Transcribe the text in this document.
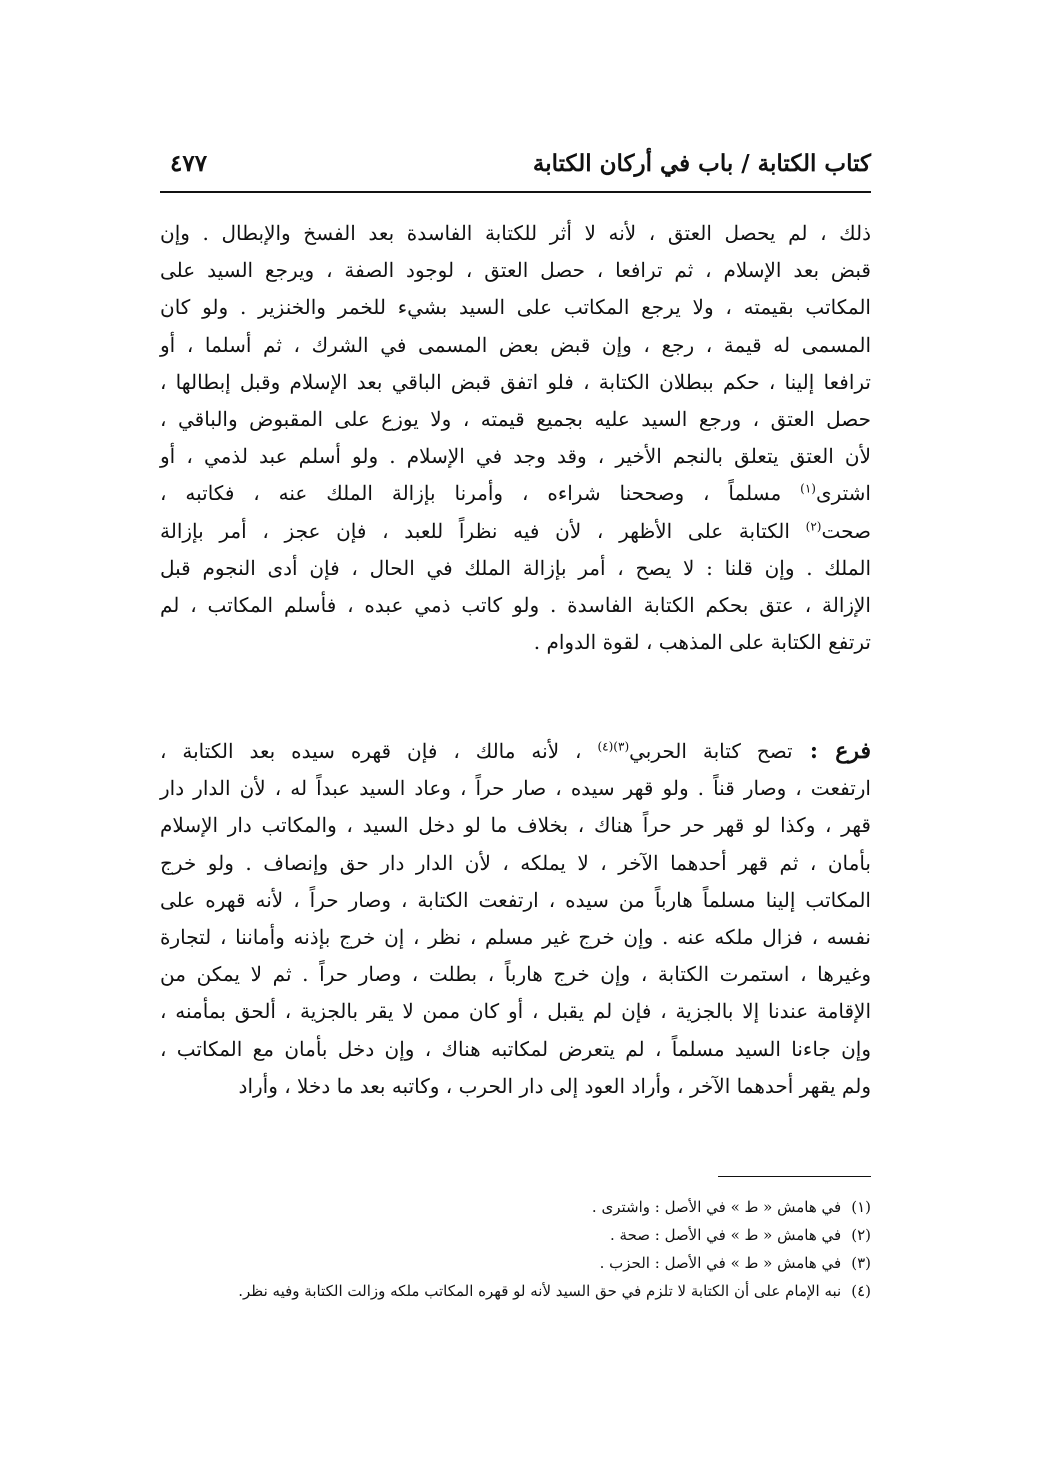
كتاب الكتابة / باب في أركان الكتابة
٤٧٧
ذلك ، لم يحصل العتق ، لأنه لا أثر للكتابة الفاسدة بعد الفسخ والإبطال . وإن
قبض بعد الإسلام ، ثم ترافعا ، حصل العتق ، لوجود الصفة ، ويرجع السيد على
المكاتب بقيمته ، ولا يرجع المكاتب على السيد بشيء للخمر والخنزير . ولو كان
المسمى له قيمة ، رجع ، وإن قبض بعض المسمى في الشرك ، ثم أسلما ، أو
ترافعا إلينا ، حكم ببطلان الكتابة ، فلو اتفق قبض الباقي بعد الإسلام وقبل إبطالها ،
حصل العتق ، ورجع السيد عليه بجميع قيمته ، ولا يوزع على المقبوض والباقي ،
لأن العتق يتعلق بالنجم الأخير ، وقد وجد في الإسلام . ولو أسلم عبد لذمي ، أو
اشترى$^{(١)}$ مسلماً ، وصححنا شراءه ، وأمرنا بإزالة الملك عنه ، فكاتبه ،
صحت$^{(٢)}$ الكتابة على الأظهر ، لأن فيه نظراً للعبد ، فإن عجز ، أمر بإزالة
الملك . وإن قلنا : لا يصح ، أمر بإزالة الملك في الحال ، فإن أدى النجوم قبل
الإزالة ، عتق بحكم الكتابة الفاسدة . ولو كاتب ذمي عبده ، فأسلم المكاتب ، لم
ترتفع الكتابة على المذهب ، لقوة الدوام .
فرع : تصح كتابة الحربي$^{(٣)(٤)}$ ، لأنه مالك ، فإن قهره سيده بعد الكتابة ،
ارتفعت ، وصار قناً . ولو قهر سيده ، صار حراً ، وعاد السيد عبداً له ، لأن الدار دار
قهر ، وكذا لو قهر حر حراً هناك ، بخلاف ما لو دخل السيد ، والمكاتب دار الإسلام
بأمان ، ثم قهر أحدهما الآخر ، لا يملكه ، لأن الدار دار حق وإنصاف . ولو خرج
المكاتب إلينا مسلماً هارباً من سيده ، ارتفعت الكتابة ، وصار حراً ، لأنه قهره على
نفسه ، فزال ملكه عنه . وإن خرج غير مسلم ، نظر ، إن خرج بإذنه وأماننا ، لتجارة
وغيرها ، استمرت الكتابة ، وإن خرج هارباً ، بطلت ، وصار حراً . ثم لا يمكن من
الإقامة عندنا إلا بالجزية ، فإن لم يقبل ، أو كان ممن لا يقر بالجزية ، ألحق بمأمنه ،
وإن جاءنا السيد مسلماً ، لم يتعرض لمكاتبه هناك ، وإن دخل بأمان مع المكاتب ،
ولم يقهر أحدهما الآخر ، وأراد العود إلى دار الحرب ، وكاتبه بعد ما دخلا ، وأراد
(١)في هامش « ط » في الأصل : واشترى .
(٢)في هامش « ط » في الأصل : صحة .
(٣)في هامش « ط » في الأصل : الحزب .
(٤)نبه الإمام على أن الكتابة لا تلزم في حق السيد لأنه لو قهره المكاتب ملكه وزالت الكتابة وفيه نظر.
